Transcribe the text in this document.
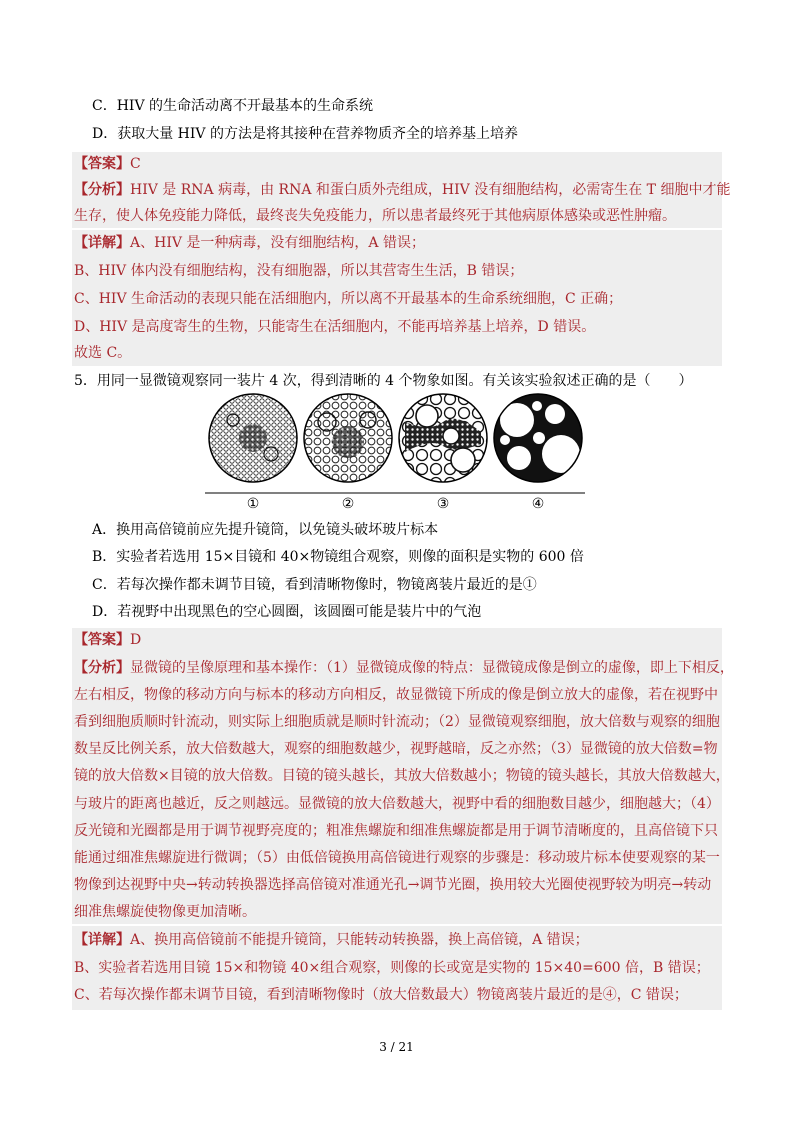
C．HIV 的生命活动离不开最基本的生命系统
D．获取大量 HIV 的方法是将其接种在营养物质齐全的培养基上培养
【答案】C
【分析】HIV 是 RNA 病毒，由 RNA 和蛋白质外壳组成，HIV 没有细胞结构，必需寄生在 T 细胞中才能
生存，使人体免疫能力降低，最终丧失免疫能力，所以患者最终死于其他病原体感染或恶性肿瘤。
【详解】A、HIV 是一种病毒，没有细胞结构，A 错误；
B、HIV 体内没有细胞结构，没有细胞器，所以其营寄生生活，B 错误；
C、HIV 生命活动的表现只能在活细胞内，所以离不开最基本的生命系统细胞，C 正确；
D、HIV 是高度寄生的生物，只能寄生在活细胞内，不能再培养基上培养，D 错误。
故选 C。
5．用同一显微镜观察同一装片 4 次，得到清晰的 4 个物象如图。有关该实验叙述正确的是（　　）
①	②	③	④
A．换用高倍镜前应先提升镜筒，以免镜头破坏玻片标本
B．实验者若选用 15×目镜和 40×物镜组合观察，则像的面积是实物的 600 倍
C．若每次操作都未调节目镜，看到清晰物像时，物镜离装片最近的是①
D．若视野中出现黑色的空心圆圈，该圆圈可能是装片中的气泡
【答案】D
【分析】显微镜的呈像原理和基本操作：（1）显微镜成像的特点：显微镜成像是倒立的虚像，即上下相反，
左右相反，物像的移动方向与标本的移动方向相反，故显微镜下所成的像是倒立放大的虚像，若在视野中
看到细胞质顺时针流动，则实际上细胞质就是顺时针流动；（2）显微镜观察细胞，放大倍数与观察的细胞
数呈反比例关系，放大倍数越大，观察的细胞数越少，视野越暗，反之亦然；（3）显微镜的放大倍数=物
镜的放大倍数×目镜的放大倍数。目镜的镜头越长，其放大倍数越小；物镜的镜头越长，其放大倍数越大，
与玻片的距离也越近，反之则越远。显微镜的放大倍数越大，视野中看的细胞数目越少，细胞越大；（4）
反光镜和光圈都是用于调节视野亮度的；粗准焦螺旋和细准焦螺旋都是用于调节清晰度的，且高倍镜下只
能通过细准焦螺旋进行微调；（5）由低倍镜换用高倍镜进行观察的步骤是：移动玻片标本使要观察的某一
物像到达视野中央→转动转换器选择高倍镜对准通光孔→调节光圈，换用较大光圈使视野较为明亮→转动
细准焦螺旋使物像更加清晰。
【详解】A、换用高倍镜前不能提升镜筒，只能转动转换器，换上高倍镜，A 错误；
B、实验者若选用目镜 15×和物镜 40×组合观察，则像的长或宽是实物的 15×40=600 倍，B 错误；
C、若每次操作都未调节目镜，看到清晰物像时（放大倍数最大）物镜离装片最近的是④，C 错误；
3 / 21
